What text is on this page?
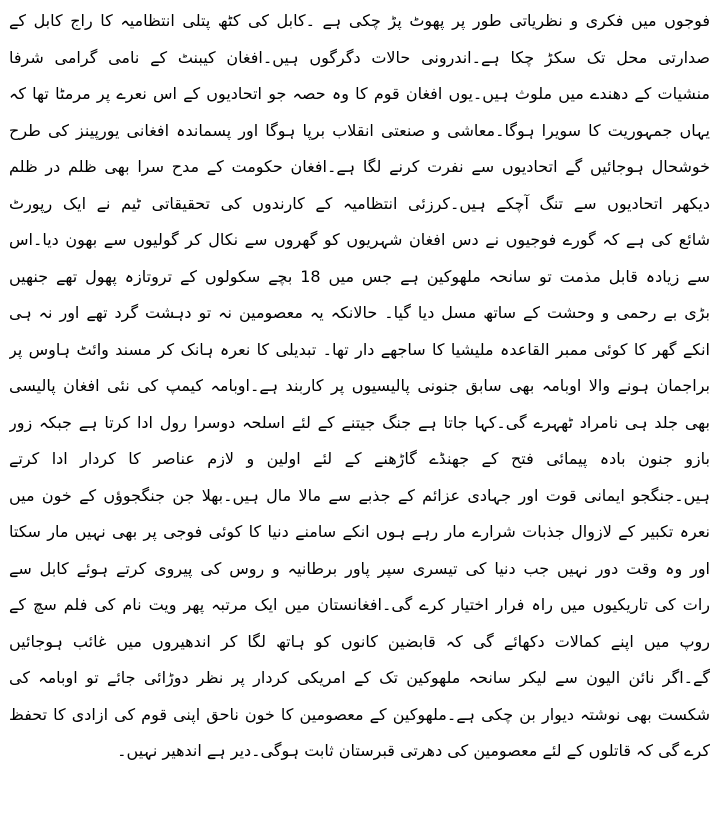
فوجوں میں فکری و نظریاتی طور پر پھوٹ پڑ چکی ہے ۔کابل کی کٹھ پتلی انتظامیہ کا راج کابل کے
صدارتی محل تک سکڑ چکا ہے۔اندرونی حالات دگرگوں ہیں۔افغان کیبنٹ کے نامی گرامی شرفا
منشیات کے دھندے میں ملوث ہیں۔یوں افغان قوم کا وہ حصہ جو اتحادیوں کے اس نعرے پر مرمٹا تھا کہ
یہاں جمہوریت کا سویرا ہوگا۔معاشی و صنعتی انقلاب برپا ہوگا اور پسماندہ افغانی یورپینز کی طرح
خوشحال ہوجائیں گے اتحادیوں سے نفرت کرنے لگا ہے۔افغان حکومت کے مدح سرا بھی ظلم در ظلم
دیکھر اتحادیوں سے تنگ آچکے ہیں۔کرزئی انتظامیہ کے کارندوں کی تحقیقاتی ٹیم نے ایک رپورٹ
شائع کی ہے کہ گورے فوجیوں نے دس افغان شہریوں کو گھروں سے نکال کر گولیوں سے بھون دیا۔اس
سے زیادہ قابل مذمت تو سانحہ ملھوکین ہے جس میں 18 بچے سکولوں کے تروتازہ پھول تھے جنھیں
بڑی بے رحمی و وحشت کے ساتھ مسل دیا گیا۔ حالانکہ یہ معصومین نہ تو دہشت گرد تھے اور نہ ہی
انکے گھر کا کوئی ممبر القاعدہ ملیشیا کا ساجھے دار تھا۔ تبدیلی کا نعرہ ہانک کر مسند وائٹ ہاوس پر
براجمان ہونے والا اوبامہ بھی سابق جنونی پالیسیوں پر کاربند ہے۔اوبامہ کیمپ کی نئی افغان پالیسی
بھی جلد ہی نامراد ٹھہرے گی۔کہا جاتا ہے جنگ جیتنے کے لئے اسلحہ دوسرا رول ادا کرتا ہے جبکہ زور
بازو جنون بادہ پیمائی فتح کے جھنڈے گاڑھنے کے لئے اولین و لازم عناصر کا کردار ادا کرتے
ہیں۔جنگجو ایمانی قوت اور جہادی عزائم کے جذبے سے مالا مال ہیں۔بھلا جن جنگجوؤں کے خون میں
نعرہ تکبیر کے لازوال جذبات شرارے مار رہے ہوں انکے سامنے دنیا کا کوئی فوجی پر بھی نہیں مار سکتا
اور وہ وقت دور نہیں جب دنیا کی تیسری سپر پاور برطانیہ و روس کی پیروی کرتے ہوئے کابل سے
رات کی تاریکیوں میں راہ فرار اختیار کرے گی۔افغانستان میں ایک مرتبہ پھر ویت نام کی فلم سچ کے
روپ میں اپنے کمالات دکھائے گی کہ قابضین کانوں کو ہاتھ لگا کر اندھیروں میں غائب ہوجائیں
گے۔اگر نائن الیون سے لیکر سانحہ ملھوکین تک کے امریکی کردار پر نظر دوڑائی جائے تو اوبامہ کی
شکست بھی نوشتہ دیوار بن چکی ہے۔ملھوکین کے معصومین کا خون ناحق اپنی قوم کی ازادی کا تحفظ
کرے گی کہ قاتلوں کے لئے معصومین کی دھرتی قبرستان ثابت ہوگی۔دیر ہے اندھیر نہیں۔
